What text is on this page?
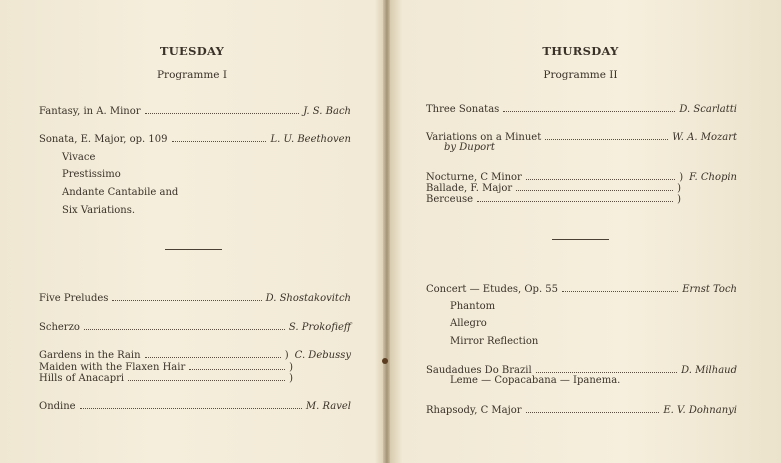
TUESDAY
Programme I
Fantasy, in A. Minor	J. S. Bach
Sonata, E. Major, op. 109	L. U. Beethoven
Vivace
Prestissimo
Andante Cantabile and
Six Variations.
Five Preludes	D. Shostakovitch
Scherzo	S. Prokofieff
Gardens in the Rain	) C. Debussy
Maiden with the Flaxen Hair	)
Hills of Anacapri	)
Ondine	M. Ravel
THURSDAY
Programme II
Three Sonatas	D. Scarlatti
Variations on a Minuet	W. A. Mozart
by Duport
Nocturne, C Minor	) F. Chopin
Ballade, F. Major	)
Berceuse	)
Concert — Etudes, Op. 55	Ernst Toch
Phantom
Allegro
Mirror Reflection
Saudadues Do Brazil	D. Milhaud
Leme — Copacabana — Ipanema.
Rhapsody, C Major	E. V. Dohnanyi
